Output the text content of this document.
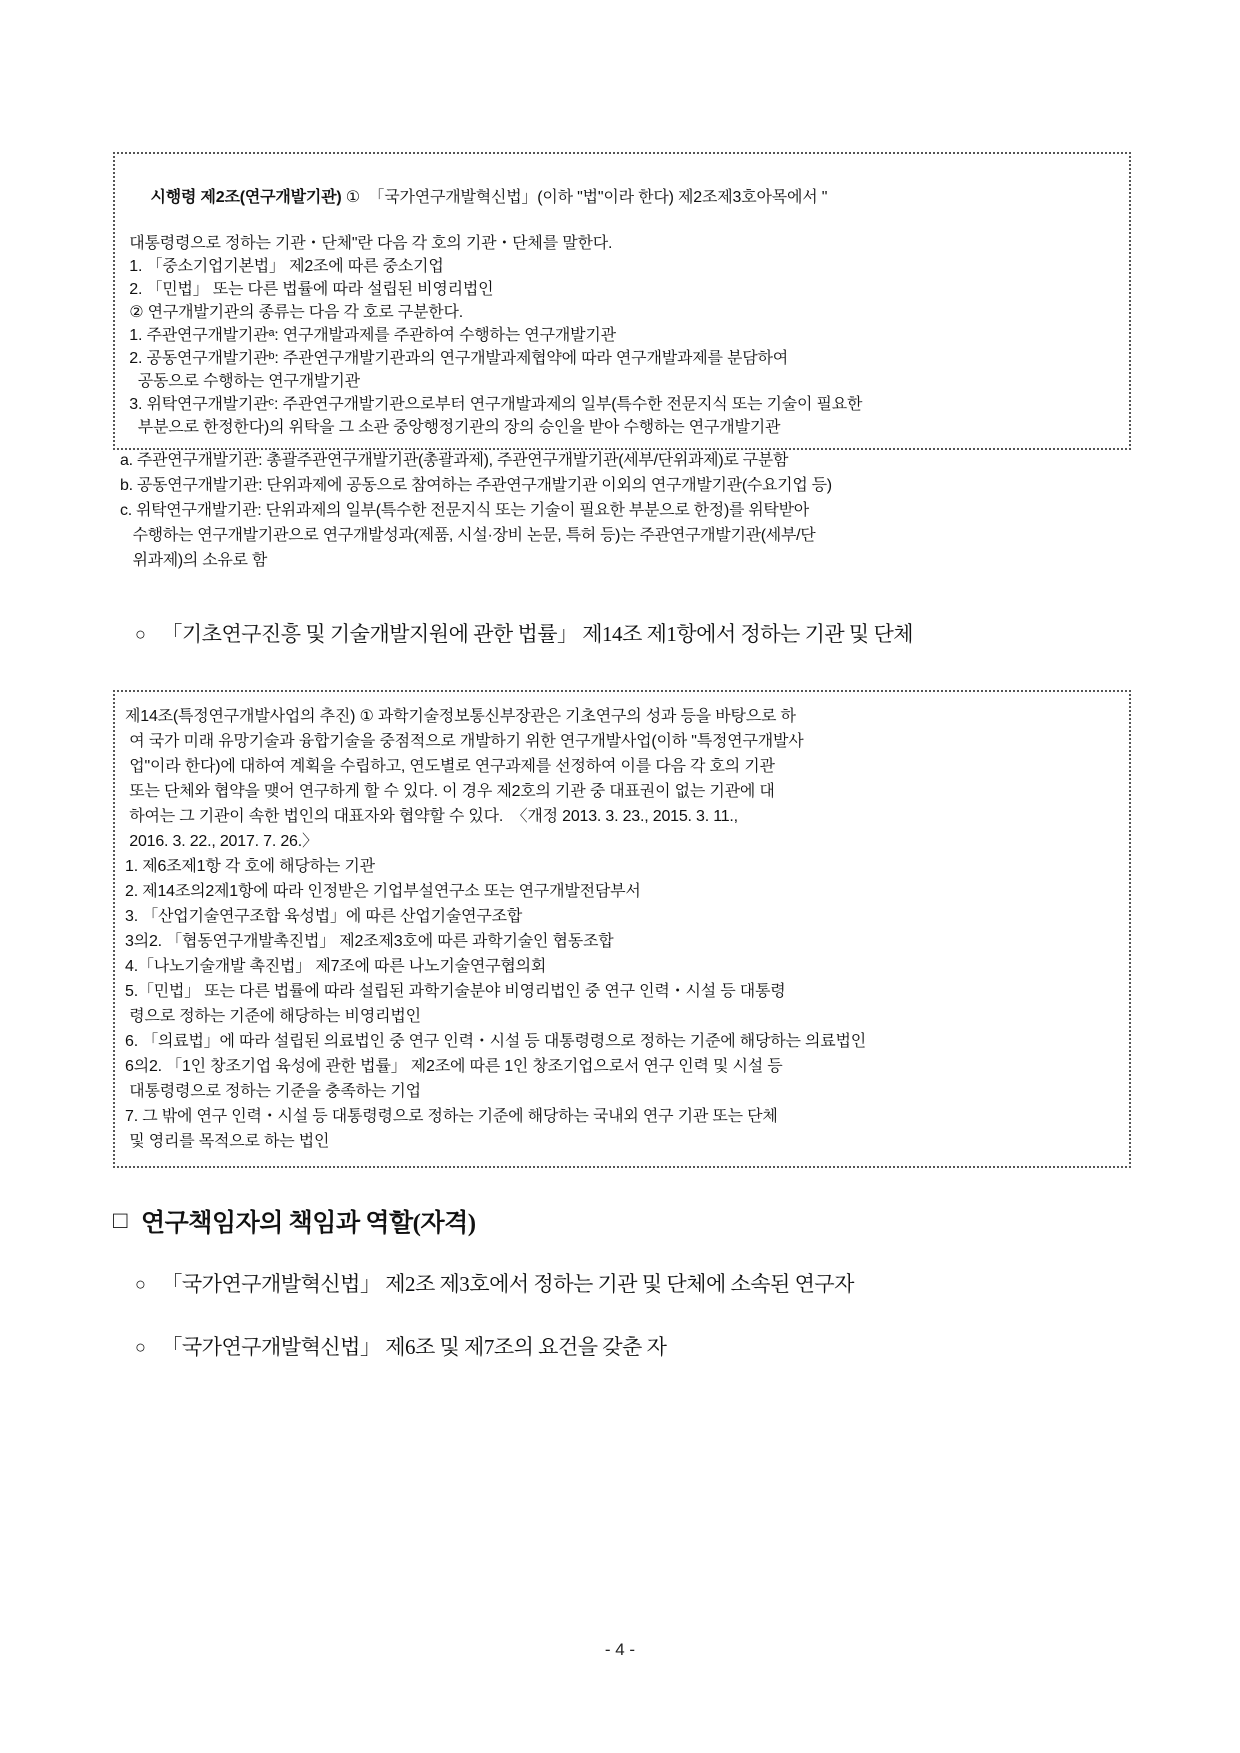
시행령 제2조(연구개발기관) ①  「국가연구개발혁신법」(이하 "법"이라 한다) 제2조제3호아목에서 "

대통령령으로 정하는 기관・단체"란 다음 각 호의 기관・단체를 말한다.
1. 「중소기업기본법」 제2조에 따른 중소기업
2. 「민법」 또는 다른 법률에 따라 설립된 비영리법인
② 연구개발기관의 종류는 다음 각 호로 구분한다.
1. 주관연구개발기관ᵃ: 연구개발과제를 주관하여 수행하는 연구개발기관
2. 공동연구개발기관ᵇ: 주관연구개발기관과의 연구개발과제협약에 따라 연구개발과제를 분담하여
공동으로 수행하는 연구개발기관
3. 위탁연구개발기관ᶜ: 주관연구개발기관으로부터 연구개발과제의 일부(특수한 전문지식 또는 기술이 필요한
부분으로 한정한다)의 위탁을 그 소관 중앙행정기관의 장의 승인을 받아 수행하는 연구개발기관
a. 주관연구개발기관: 총괄주관연구개발기관(총괄과제), 주관연구개발기관(세부/단위과제)로 구분함
b. 공동연구개발기관: 단위과제에 공동으로 참여하는 주관연구개발기관 이외의 연구개발기관(수요기업 등)
c. 위탁연구개발기관: 단위과제의 일부(특수한 전문지식 또는 기술이 필요한 부분으로 한정)를 위탁받아
수행하는 연구개발기관으로 연구개발성과(제품, 시설·장비 논문, 특허 등)는 주관연구개발기관(세부/단
위과제)의 소유로 함
○ 「기초연구진흥 및 기술개발지원에 관한 법률」 제14조 제1항에서 정하는 기관 및 단체
제14조(특정연구개발사업의 추진) ① 과학기술정보통신부장관은 기초연구의 성과 등을 바탕으로 하
여 국가 미래 유망기술과 융합기술을 중점적으로 개발하기 위한 연구개발사업(이하 "특정연구개발사
업"이라 한다)에 대하여 계획을 수립하고, 연도별로 연구과제를 선정하여 이를 다음 각 호의 기관
또는 단체와 협약을 맺어 연구하게 할 수 있다. 이 경우 제2호의 기관 중 대표권이 없는 기관에 대
하여는 그 기관이 속한 법인의 대표자와 협약할 수 있다.  〈개정 2013. 3. 23., 2015. 3. 11.,
2016. 3. 22., 2017. 7. 26.〉
1. 제6조제1항 각 호에 해당하는 기관
2. 제14조의2제1항에 따라 인정받은 기업부설연구소 또는 연구개발전담부서
3. 「산업기술연구조합 육성법」에 따른 산업기술연구조합
3의2. 「협동연구개발촉진법」 제2조제3호에 따른 과학기술인 협동조합
4.「나노기술개발 촉진법」 제7조에 따른 나노기술연구협의회
5.「민법」 또는 다른 법률에 따라 설립된 과학기술분야 비영리법인 중 연구 인력・시설 등 대통령
령으로 정하는 기준에 해당하는 비영리법인
6. 「의료법」에 따라 설립된 의료법인 중 연구 인력・시설 등 대통령령으로 정하는 기준에 해당하는 의료법인
6의2. 「1인 창조기업 육성에 관한 법률」 제2조에 따른 1인 창조기업으로서 연구 인력 및 시설 등
대통령령으로 정하는 기준을 충족하는 기업
7. 그 밖에 연구 인력・시설 등 대통령령으로 정하는 기준에 해당하는 국내외 연구 기관 또는 단체
및 영리를 목적으로 하는 법인
□ 연구책임자의 책임과 역할(자격)
○ 「국가연구개발혁신법」 제2조 제3호에서 정하는 기관 및 단체에 소속된 연구자
○ 「국가연구개발혁신법」 제6조 및 제7조의 요건을 갖춘 자
- 4 -
